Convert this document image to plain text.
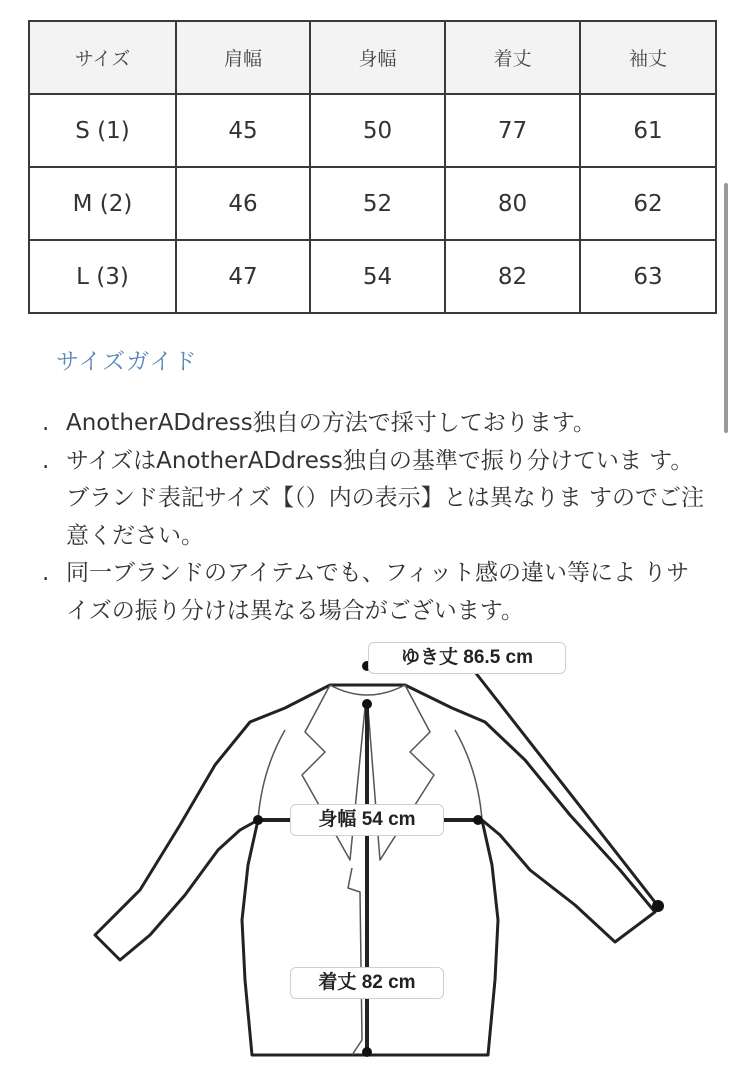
サイズ	肩幅	身幅	着丈	袖丈
S (1)	45	50	77	61
M (2)	46	52	80	62
L (3)	47	54	82	63
サイズガイド
. AnotherADdress独自の方法で採寸しております。
. サイズはAnotherADdress独自の基準で振り分けていま す。ブランド表記サイズ【（）内の表示】とは異なりま すのでご注意ください。
. 同一ブランドのアイテムでも、フィット感の違い等によ りサイズの振り分けは異なる場合がございます。
ゆき丈 86.5 cm
身幅 54 cm
着丈 82 cm
